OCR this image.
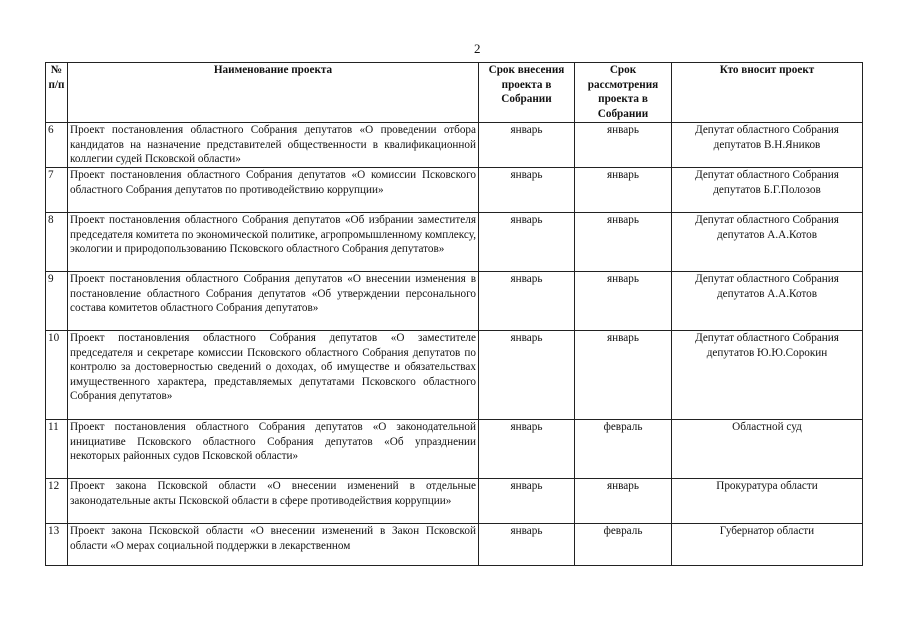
2
№ п/п	Наименование проекта	Срок внесения проекта в Собрании	Срок рассмотрения проекта в Собрании	Кто вносит проект
6	Проект постановления областного Собрания депутатов «О проведении отбора кандидатов на назначение представителей общественности в квалификационной коллегии судей Псковской области»	январь	январь	Депутат областного Собрания депутатов В.Н.Яников
7	Проект постановления областного Собрания депутатов «О комиссии Псковского областного Собрания депутатов по противодействию коррупции»	январь	январь	Депутат областного Собрания депутатов Б.Г.Полозов
8	Проект постановления областного Собрания депутатов «Об избрании заместителя председателя комитета по экономической политике, агропромышленному комплексу, экологии и природопользованию Псковского областного Собрания депутатов»	январь	январь	Депутат областного Собрания депутатов А.А.Котов
9	Проект постановления областного Собрания депутатов «О внесении изменения в постановление областного Собрания депутатов «Об утверждении персонального состава комитетов областного Собрания депутатов»	январь	январь	Депутат областного Собрания депутатов А.А.Котов
10	Проект постановления областного Собрания депутатов «О заместителе председателя и секретаре комиссии Псковского областного Собрания депутатов по контролю за достоверностью сведений о доходах, об имуществе и обязательствах имущественного характера, представляемых депутатами Псковского областного Собрания депутатов»	январь	январь	Депутат областного Собрания депутатов Ю.Ю.Сорокин
11	Проект постановления областного Собрания депутатов «О законодательной инициативе Псковского областного Собрания депутатов «Об упразднении некоторых районных судов Псковской области»	январь	февраль	Областной суд
12	Проект закона Псковской области «О внесении изменений в отдельные законодательные акты Псковской области в сфере противодействия коррупции»	январь	январь	Прокуратура области
13	Проект закона Псковской области «О внесении изменений в Закон Псковской области «О мерах социальной поддержки в лекарственном	январь	февраль	Губернатор области
